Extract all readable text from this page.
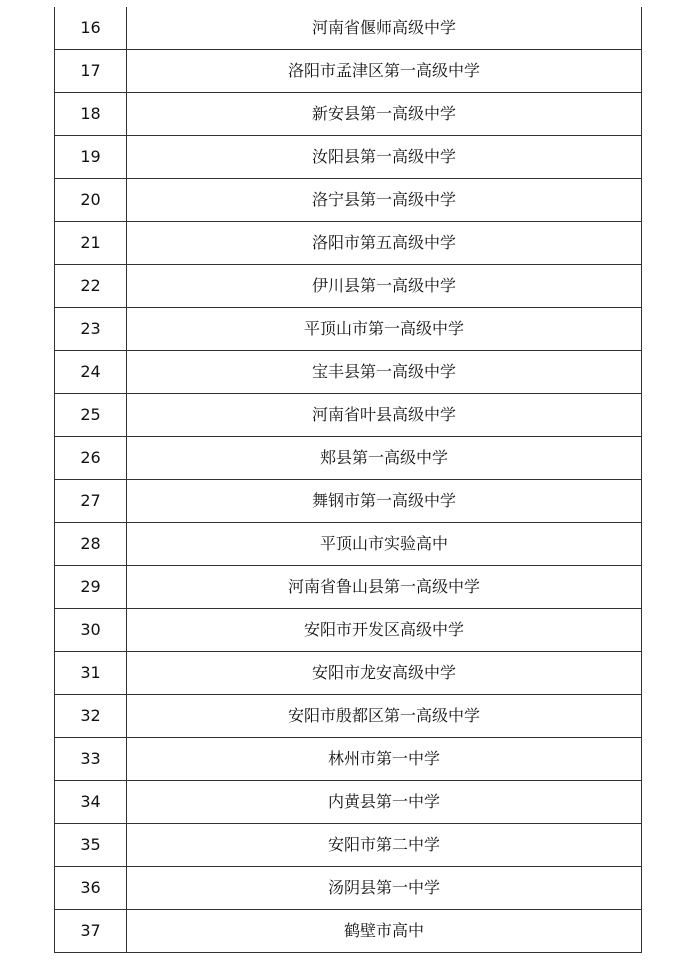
16	河南省偃师高级中学
17	洛阳市孟津区第一高级中学
18	新安县第一高级中学
19	汝阳县第一高级中学
20	洛宁县第一高级中学
21	洛阳市第五高级中学
22	伊川县第一高级中学
23	平顶山市第一高级中学
24	宝丰县第一高级中学
25	河南省叶县高级中学
26	郏县第一高级中学
27	舞钢市第一高级中学
28	平顶山市实验高中
29	河南省鲁山县第一高级中学
30	安阳市开发区高级中学
31	安阳市龙安高级中学
32	安阳市殷都区第一高级中学
33	林州市第一中学
34	内黄县第一中学
35	安阳市第二中学
36	汤阴县第一中学
37	鹤壁市高中
